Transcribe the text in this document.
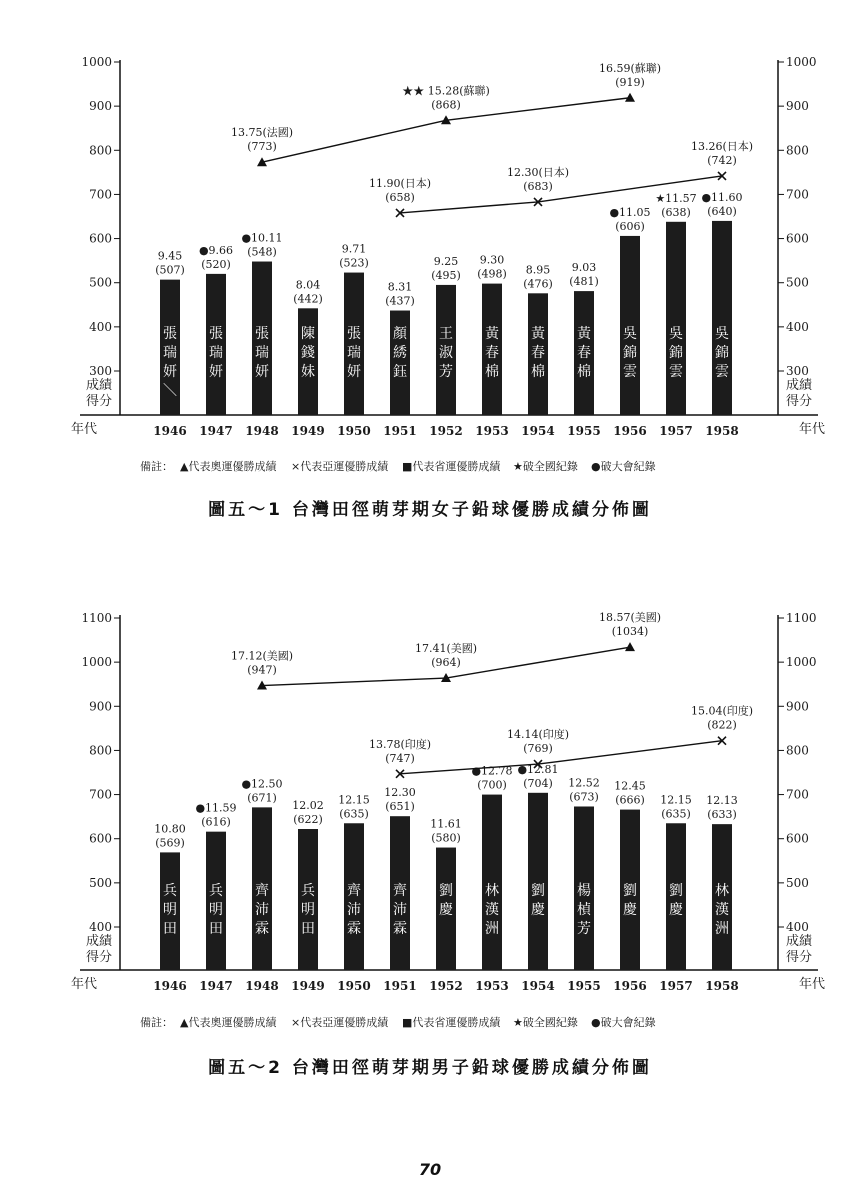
300	300
400	400
500	500
600	600
700	700
800	800
900	900
1000	1000
成績	成績
得分	得分
年代	年代
1946 1947 1948 1949 1950 1951 1952 1953 1954 1955 1956 1957 1958
9.45
(507)
張
瑞
妍
＼
●9.66
(520)
張
瑞
妍
●10.11
(548)
張
瑞
妍
8.04
(442)
陳
錢
妹
9.71
(523)
張
瑞
妍
8.31
(437)
顏
綉
鈺
9.25
(495)
王
淑
芳
9.30
(498)
黃
春
棉
8.95
(476)
黃
春
棉
9.03
(481)
黃
春
棉
●11.05
(606)
吳
錦
雲
★11.57
(638)
吳
錦
雲
●11.60
(640)
吳
錦
雲
13.75(法國)
(773)
★★ 15.28(蘇聯)
(868)
16.59(蘇聯)
(919)
11.90(日本)
(658)
12.30(日本)
(683)
13.26(日本)
(742)
備註： ▲代表奧運優勝成績 ×代表亞運優勝成績 ■代表省運優勝成績 ★破全國紀錄 ●破大會紀錄
圖五～1 台灣田徑萌芽期女子鉛球優勝成績分佈圖
400	400
500	500
600	600
700	700
800	800
900	900
1000	1000
1100	1100
成績	成績
得分	得分
年代	年代
1946 1947 1948 1949 1950 1951 1952 1953 1954 1955 1956 1957 1958
10.80
(569)
兵
明
田
●11.59
(616)
兵
明
田
●12.50
(671)
齊
沛
霖
12.02
(622)
兵
明
田
12.15
(635)
齊
沛
霖
12.30
(651)
齊
沛
霖
11.61
(580)
劉
慶
●12.78
(700)
林
漢
洲
●12.81
(704)
劉
慶
12.52
(673)
楊
楨
芳
12.45
(666)
劉
慶
12.15
(635)
劉
慶
12.13
(633)
林
漢
洲
17.12(美國)
(947)
17.41(美國)
(964)
18.57(美國)
(1034)
13.78(印度)
(747)
14.14(印度)
(769)
15.04(印度)
(822)
備註： ▲代表奧運優勝成績 ×代表亞運優勝成績 ■代表省運優勝成績 ★破全國紀錄 ●破大會紀錄
圖五～2 台灣田徑萌芽期男子鉛球優勝成績分佈圖
70
